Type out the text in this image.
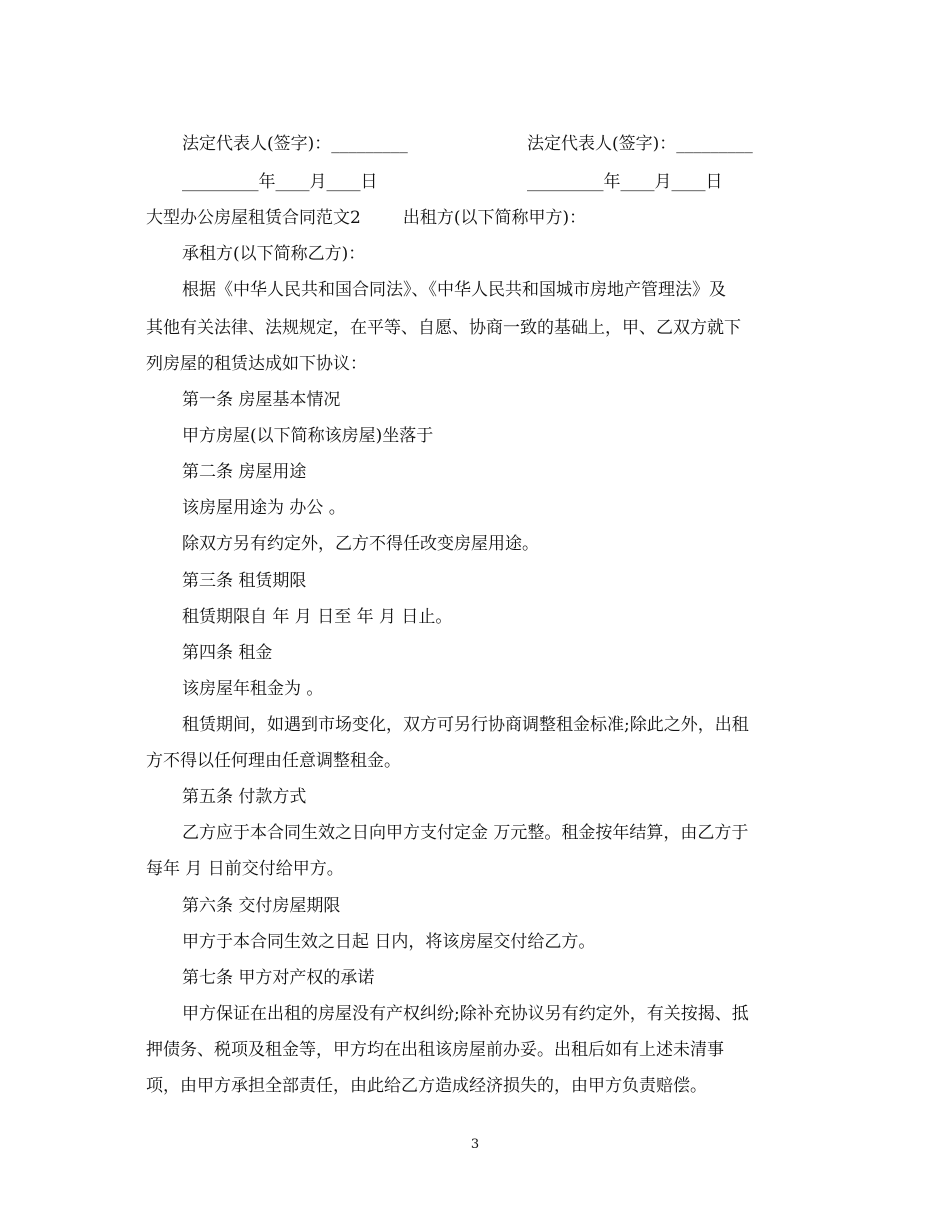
法定代表人(签字)：_________	法定代表人(签字)：_________
_________年____月____日	_________年____月____日
大型办公房屋租赁合同范文2 出租方(以下简称甲方)：
承租方(以下简称乙方)：
根据《中华人民共和国合同法》、《中华人民共和国城市房地产管理法》及
其他有关法律、法规规定，在平等、自愿、协商一致的基础上，甲、乙双方就下
列房屋的租赁达成如下协议：
第一条 房屋基本情况
甲方房屋(以下简称该房屋)坐落于
第二条 房屋用途
该房屋用途为 办公 。
除双方另有约定外，乙方不得任改变房屋用途。
第三条 租赁期限
租赁期限自 年 月 日至 年 月 日止。
第四条 租金
该房屋年租金为 。
租赁期间，如遇到市场变化，双方可另行协商调整租金标准;除此之外，出租
方不得以任何理由任意调整租金。
第五条 付款方式
乙方应于本合同生效之日向甲方支付定金 万元整。租金按年结算，由乙方于
每年 月 日前交付给甲方。
第六条 交付房屋期限
甲方于本合同生效之日起 日内，将该房屋交付给乙方。
第七条 甲方对产权的承诺
甲方保证在出租的房屋没有产权纠纷;除补充协议另有约定外，有关按揭、抵
押债务、税项及租金等，甲方均在出租该房屋前办妥。出租后如有上述未清事
项，由甲方承担全部责任，由此给乙方造成经济损失的，由甲方负责赔偿。
3
